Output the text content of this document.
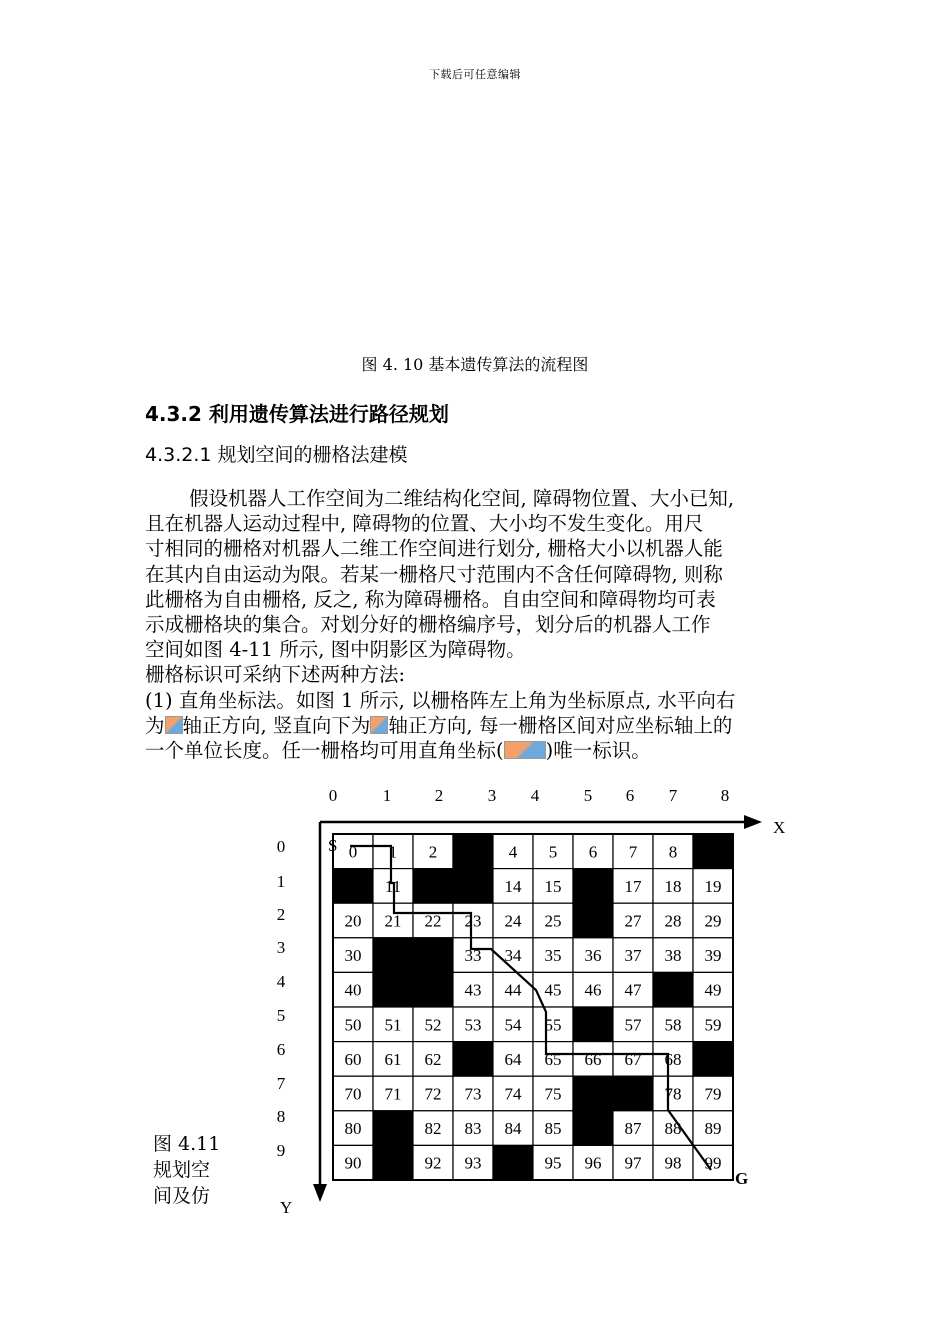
下载后可任意编辑
图 4. 10 基本遗传算法的流程图
4.3.2 利用遗传算法进行路径规划
4.3.2.1 规划空间的栅格法建模

假设机器人工作空间为二维结构化空间, 障碍物位置、大小已知,

且在机器人运动过程中, 障碍物的位置、大小均不发生变化。用尺

寸相同的栅格对机器人二维工作空间进行划分, 栅格大小以机器人能

在其内自由运动为限。若某一栅格尺寸范围内不含任何障碍物, 则称

此栅格为自由栅格, 反之, 称为障碍栅格。自由空间和障碍物均可表

示成栅格块的集合。对划分好的栅格编序号，划分后的机器人工作

空间如图 4-11 所示, 图中阴影区为障碍物。

栅格标识可采纳下述两种方法:

(1) 直角坐标法。如图 1 所示, 以栅格阵左上角为坐标原点, 水平向右

为 轴正方向, 竖直向下为 轴正方向, 每一栅格区间对应坐标轴上的

一个单位长度。任一栅格均可用直角坐标( )唯一标识。

图 4.11
规划空
间及仿
0 1 2	4 5 6 7 8
11	14 15	17 18 19
20 21 22 23 24 25	27 28 29
30	33 34 35 36 37 38 39
40	43 44 45 46 47	49
50 51 52 53 54 55	57 58 59
60 61 62	64 65 66 67 68
70 71 72 73 74 75	78 79
80	82 83 84 85	87 88 89
90	92 93	95 96 97 98 99
X
Y
0	1	2	3 4	5 6 7	8
0
1
2
3
4
5
6
7
8
9
S
G
